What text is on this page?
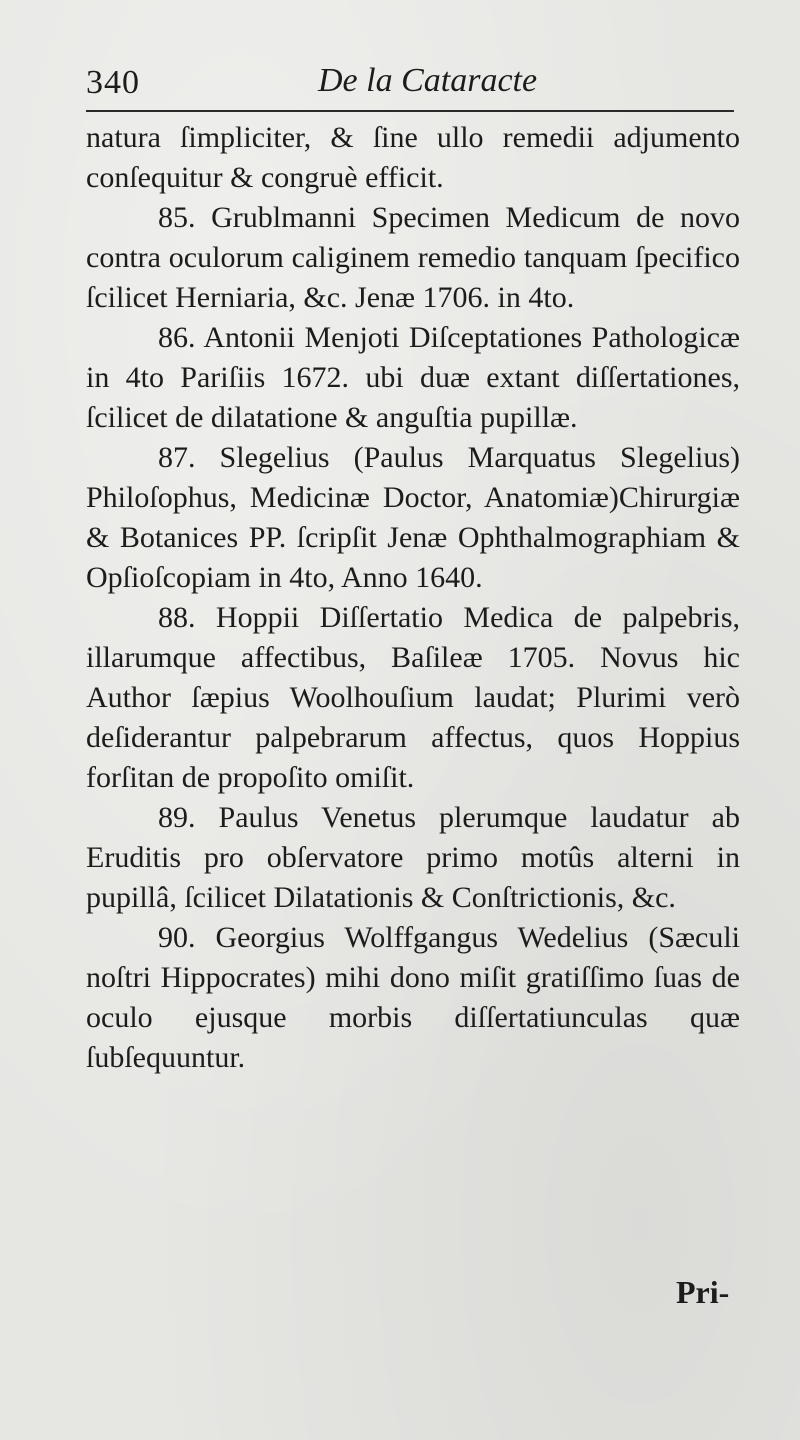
340	De la Cataracte

natura ſimpliciter, & ſine ullo remedii adjumento conſequitur & congruè efficit.

85. Grublmanni Specimen Medicum de novo contra oculorum caliginem remedio tanquam ſpecifico ſcilicet Herniaria, &c. Jenæ 1706. in 4to.

86. Antonii Menjoti Diſceptationes Pathologicæ in 4to Pariſiis 1672. ubi duæ extant diſſertationes, ſcilicet de dilatatione & anguſtia pupillæ.

87. Slegelius (Paulus Marquatus Slegelius) Philoſophus, Medicinæ Doctor, Anatomiæ)Chirurgiæ & Botanices PP. ſcripſit Jenæ Ophthalmographiam & Opſioſcopiam in 4to, Anno 1640.

88. Hoppii Diſſertatio Medica de palpebris, illarumque affectibus, Baſileæ 1705. Novus hic Author ſæpius Woolhouſium laudat; Plurimi verò deſiderantur palpebrarum affectus, quos Hoppius forſitan de propoſito omiſit.

89. Paulus Venetus plerumque laudatur ab Eruditis pro obſervatore primo motûs alterni in pupillâ, ſcilicet Dilatationis & Conſtrictionis, &c.

90. Georgius Wolffgangus Wedelius (Sæculi noſtri Hippocrates) mihi dono miſit gratiſſimo ſuas de oculo ejusque morbis diſſertatiunculas quæ ſubſequuntur.

Pri-
